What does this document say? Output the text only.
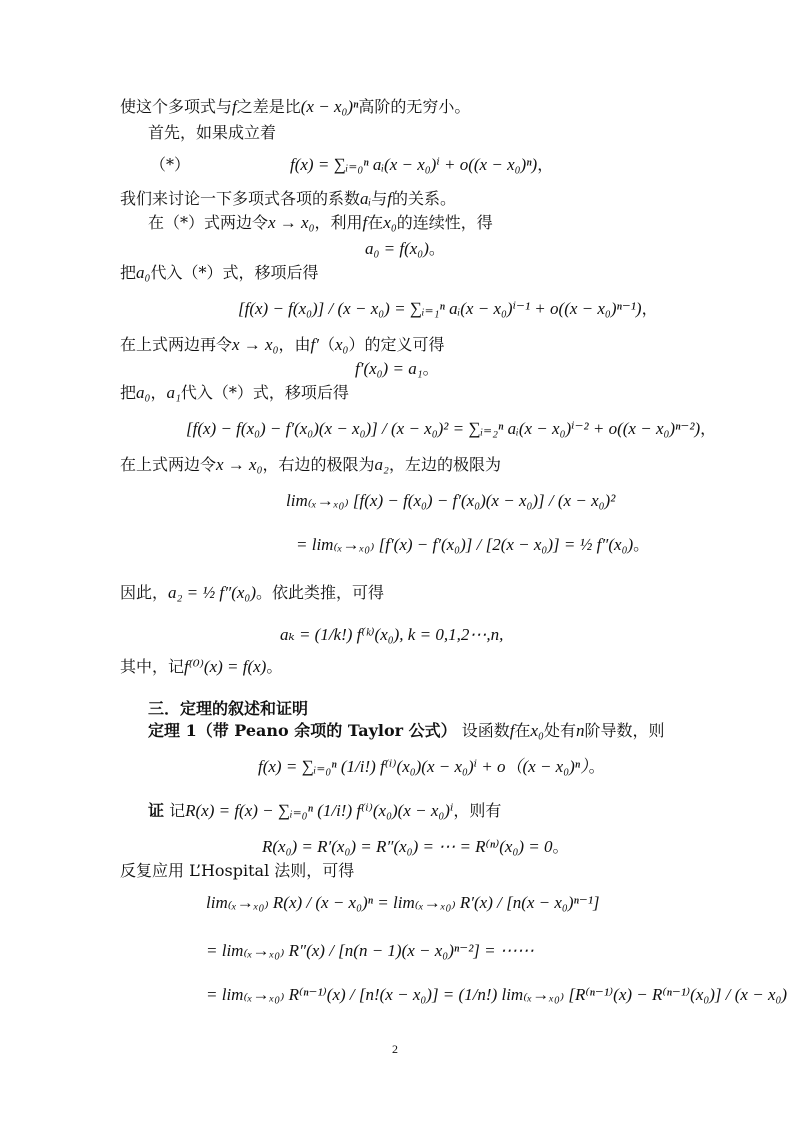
使这个多项式与f之差是比(x − x₀)ⁿ高阶的无穷小。
首先，如果成立着
（*）	f(x) = ∑ᵢ₌₀ⁿ aᵢ(x − x₀)ⁱ + o((x − x₀)ⁿ)，
我们来讨论一下多项式各项的系数aᵢ与f的关系。
在（*）式两边令x → x₀，利用f在x₀的连续性，得
a₀ = f(x₀)。
把a₀代入（*）式，移项后得
[f(x) − f(x₀)] / (x − x₀) = ∑ᵢ₌₁ⁿ aᵢ(x − x₀)ⁱ⁻¹ + o((x − x₀)ⁿ⁻¹)，
在上式两边再令x → x₀，由f′（x₀）的定义可得
f′(x₀) = a₁。
把a₀，a₁代入（*）式，移项后得
[f(x) − f(x₀) − f′(x₀)(x − x₀)] / (x − x₀)² = ∑ᵢ₌₂ⁿ aᵢ(x − x₀)ⁱ⁻² + o((x − x₀)ⁿ⁻²)，
在上式两边令x → x₀，右边的极限为a₂，左边的极限为
lim₍ₓ→ₓ₀₎ [f(x) − f(x₀) − f′(x₀)(x − x₀)] / (x − x₀)²
= lim₍ₓ→ₓ₀₎ [f′(x) − f′(x₀)] / [2(x − x₀)] = ½ f″(x₀)。
因此，a₂ = ½ f″(x₀)。依此类推，可得
aₖ = (1/k!) f⁽ᵏ⁾(x₀), k = 0,1,2⋯,n,
其中，记f⁽⁰⁾(x) = f(x)。
三．定理的叙述和证明
定理 1（带 Peano 余项的 Taylor 公式） 设函数f在x₀处有n阶导数，则
f(x) = ∑ᵢ₌₀ⁿ (1/i!) f⁽ⁱ⁾(x₀)(x − x₀)ⁱ + o（(x − x₀)ⁿ）。
证 记R(x) = f(x) − ∑ᵢ₌₀ⁿ (1/i!) f⁽ⁱ⁾(x₀)(x − x₀)ⁱ，则有
R(x₀) = R′(x₀) = R″(x₀) = ⋯ = R⁽ⁿ⁾(x₀) = 0。
反复应用 L’Hospital 法则，可得
lim₍ₓ→ₓ₀₎ R(x) / (x − x₀)ⁿ = lim₍ₓ→ₓ₀₎ R′(x) / [n(x − x₀)ⁿ⁻¹]
= lim₍ₓ→ₓ₀₎ R″(x) / [n(n − 1)(x − x₀)ⁿ⁻²] = ⋯⋯
= lim₍ₓ→ₓ₀₎ R⁽ⁿ⁻¹⁾(x) / [n!(x − x₀)] = (1/n!) lim₍ₓ→ₓ₀₎ [R⁽ⁿ⁻¹⁾(x) − R⁽ⁿ⁻¹⁾(x₀)] / (x − x₀)
2
